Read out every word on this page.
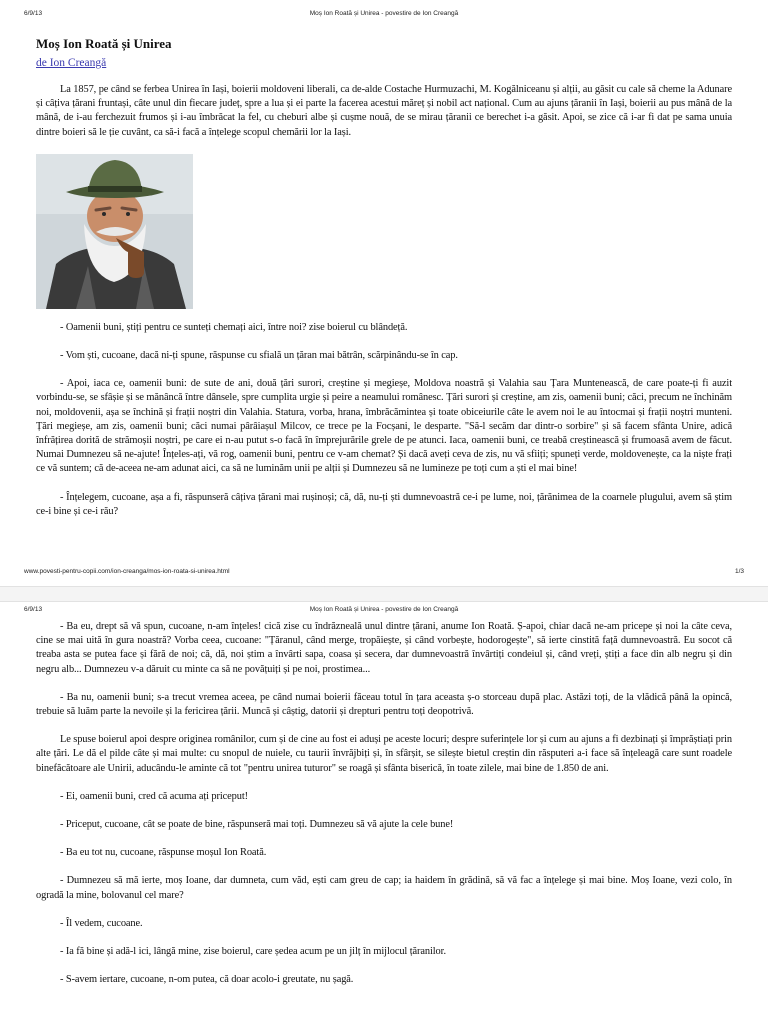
6/9/13	Moș Ion Roată și Unirea - povestire de Ion Creangă
Moș Ion Roată și Unirea
de Ion Creangă

La 1857, pe când se ferbea Unirea în Iași, boierii moldoveni liberali, ca de-alde Costache Hurmuzachi, M. Kogălniceanu și alții, au găsit cu cale să cheme la Adunare și câțiva țărani fruntași, câte unul din fiecare județ, spre a lua și ei parte la facerea acestui măreț și nobil act național. Cum au ajuns țăranii în Iași, boierii au pus mână de la mână, de i-au ferchezuit frumos și i-au îmbrăcat la fel, cu cheburi albe și cușme nouă, de se mirau țăranii ce berechet i-a găsit. Apoi, se zice că i-ar fi dat pe sama unuia dintre boieri să le ție cuvânt, ca să-i facă a înțelege scopul chemării lor la Iași.

- Oamenii buni, știți pentru ce sunteți chemați aici, între noi? zise boierul cu blândeță.

- Vom ști, cucoane, dacă ni-ți spune, răspunse cu sfială un țăran mai bătrân, scărpinându-se în cap.

- Apoi, iaca ce, oamenii buni: de sute de ani, două țări surori, creștine și megieșe, Moldova noastră și Valahia sau Țara Muntenească, de care poate-ți fi auzit vorbindu-se, se sfâșie și se mănâncă între dânsele, spre cumplita urgie și peire a neamului românesc. Țări surori și creștine, am zis, oamenii buni; căci, precum ne închinăm noi, moldovenii, așa se închină și frații noștri din Valahia. Statura, vorba, hrana, îmbrăcămintea și toate obiceiurile câte le avem noi le au întocmai și frații noștri munteni. Țări megieșe, am zis, oamenii buni; căci numai pârâiașul Milcov, ce trece pe la Focșani, le desparte. "Să-l secăm dar dintr-o sorbire" și să facem sfânta Unire, adică înfrățirea dorită de strămoșii noștri, pe care ei n-au putut s-o facă în împrejurările grele de pe atunci. Iaca, oamenii buni, ce treabă creștinească și frumoasă avem de făcut. Numai Dumnezeu să ne-ajute! Înțeles-ați, vă rog, oamenii buni, pentru ce v-am chemat? Și dacă aveți ceva de zis, nu vă sfiiți; spuneți verde, moldovenește, ca la niște frați ce vă suntem; că de-aceea ne-am adunat aici, ca să ne luminăm unii pe alții și Dumnezeu să ne lumineze pe toți cum a ști el mai bine!

- Înțelegem, cucoane, așa a fi, răspunseră câțiva țărani mai rușinoși; că, dă, nu-ți ști dumnevoastră ce-i pe lume, noi, țărănimea de la coarnele plugului, avem să știm ce-i bine și ce-i rău?

www.povesti-pentru-copii.com/ion-creanga/mos-ion-roata-si-unirea.html	1/3
6/9/13	Moș Ion Roată și Unirea - povestire de Ion Creangă

- Ba eu, drept să vă spun, cucoane, n-am înțeles! cică zise cu îndrăzneală unul dintre țărani, anume Ion Roată. Ș-apoi, chiar dacă ne-am pricepe și noi la câte ceva, cine se mai uită în gura noastră? Vorba ceea, cucoane: "Țăranul, când merge, tropăiește, și când vorbește, hodorogește", să ierte cinstită față dumnevoastră. Eu socot că treaba asta se putea face și fără de noi; că, dă, noi știm a învârti sapa, coasa și secera, dar dumnevoastră învârtiți condeiul și, când vreți, știți a face din alb negru și din negru alb... Dumnezeu v-a dăruit cu minte ca să ne povățuiți și pe noi, prostimea...

- Ba nu, oamenii buni; s-a trecut vremea aceea, pe când numai boierii făceau totul în țara aceasta ș-o storceau după plac. Astăzi toți, de la vlădică până la opincă, trebuie să luăm parte la nevoile și la fericirea țării. Muncă și câștig, datorii și drepturi pentru toți deopotrivă.

Le spuse boierul apoi despre originea românilor, cum și de cine au fost ei aduși pe aceste locuri; despre suferințele lor și cum au ajuns a fi dezbinați și împrăștiați prin alte țări. Le dă el pilde câte și mai multe: cu snopul de nuiele, cu taurii învrăjbiți și, în sfârșit, se silește bietul creștin din răsputeri a-i face să înțeleagă care sunt roadele binefăcătoare ale Unirii, aducându-le aminte că tot "pentru unirea tuturor" se roagă și sfânta biserică, în toate zilele, mai bine de 1.850 de ani.

- Ei, oamenii buni, cred că acuma ați priceput!

- Priceput, cucoane, cât se poate de bine, răspunseră mai toți. Dumnezeu să vă ajute la cele bune!

- Ba eu tot nu, cucoane, răspunse moșul Ion Roată.

- Dumnezeu să mă ierte, moș Ioane, dar dumneta, cum văd, ești cam greu de cap; ia haidem în grădină, să vă fac a înțelege și mai bine. Moș Ioane, vezi colo, în ogradă la mine, bolovanul cel mare?

- Îl vedem, cucoane.

- Ia fă bine și adă-l ici, lângă mine, zise boierul, care ședea acum pe un jilț în mijlocul țăranilor.

- S-avem iertare, cucoane, n-om putea, că doar acolo-i greutate, nu șagă.
